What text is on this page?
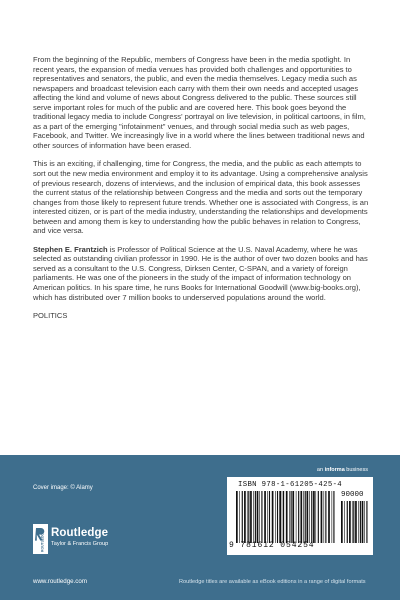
From the beginning of the Republic, members of Congress have been in the media spotlight. In recent years, the expansion of media venues has provided both challenges and opportunities to representatives and senators, the public, and even the media themselves. Legacy media such as newspapers and broadcast television each carry with them their own needs and accepted usages affecting the kind and volume of news about Congress delivered to the public. These sources still serve important roles for much of the public and are covered here. This book goes beyond the traditional legacy media to include Congress' portrayal on live television, in political cartoons, in film, as a part of the emerging "infotainment" venues, and through social media such as web pages, Facebook, and Twitter. We increasingly live in a world where the lines between traditional news and other sources of information have been erased.

This is an exciting, if challenging, time for Congress, the media, and the public as each attempts to sort out the new media environment and employ it to its advantage. Using a comprehensive analysis of previous research, dozens of interviews, and the inclusion of empirical data, this book assesses the current status of the relationship between Congress and the media and sorts out the temporary changes from those likely to represent future trends. Whether one is associated with Congress, is an interested citizen, or is part of the media industry, understanding the relationships and developments between and among them is key to understanding how the public behaves in relation to Congress, and vice versa.

Stephen E. Frantzich is Professor of Political Science at the U.S. Naval Academy, where he was selected as outstanding civilian professor in 1990. He is the author of over two dozen books and has served as a consultant to the U.S. Congress, Dirksen Center, C-SPAN, and a variety of foreign parliaments. He was one of the pioneers in the study of the impact of information technology on American politics. In his spare time, he runs Books for International Goodwill (www.big-books.org), which has distributed over 7 million books to underserved populations around the world.

POLITICS

an informa business
Cover image: © Alamy	ISBN 978-1-61205-425-4
90000
9 781612 054254
ROUTLEDGE Routledge
Taylor & Francis Group
www.routledge.com	Routledge titles are available as eBook editions in a range of digital formats
